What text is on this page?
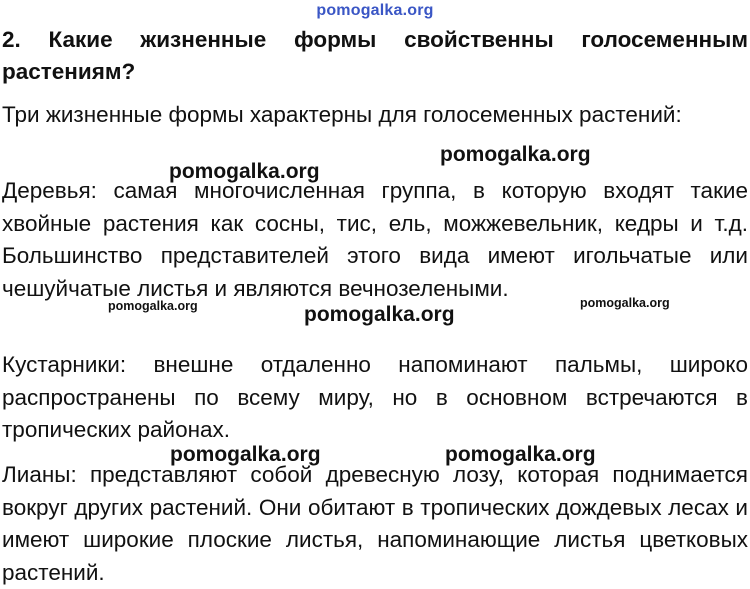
pomogalka.org
2. Какие жизненные формы свойственны голосеменным растениям?

Три жизненные формы характерны для голосеменных растений:

Деревья: самая многочисленная группа, в которую входят такие хвойные растения как сосны, тис, ель, можжевельник, кедры и т.д. Большинство представителей этого вида имеют игольчатые или чешуйчатые листья и являются вечнозелеными.

Кустарники: внешне отдаленно напоминают пальмы, широко распространены по всему миру, но в основном встречаются в тропических районах.

Лианы: представляют собой древесную лозу, которая поднимается вокруг других растений. Они обитают в тропических дождевых лесах и имеют широкие плоские листья, напоминающие листья цветковых растений.

pomogalka.org
pomogalka.org
pomogalka.org	pomogalka.org
pomogalka.org
pomogalka.org	pomogalka.org
